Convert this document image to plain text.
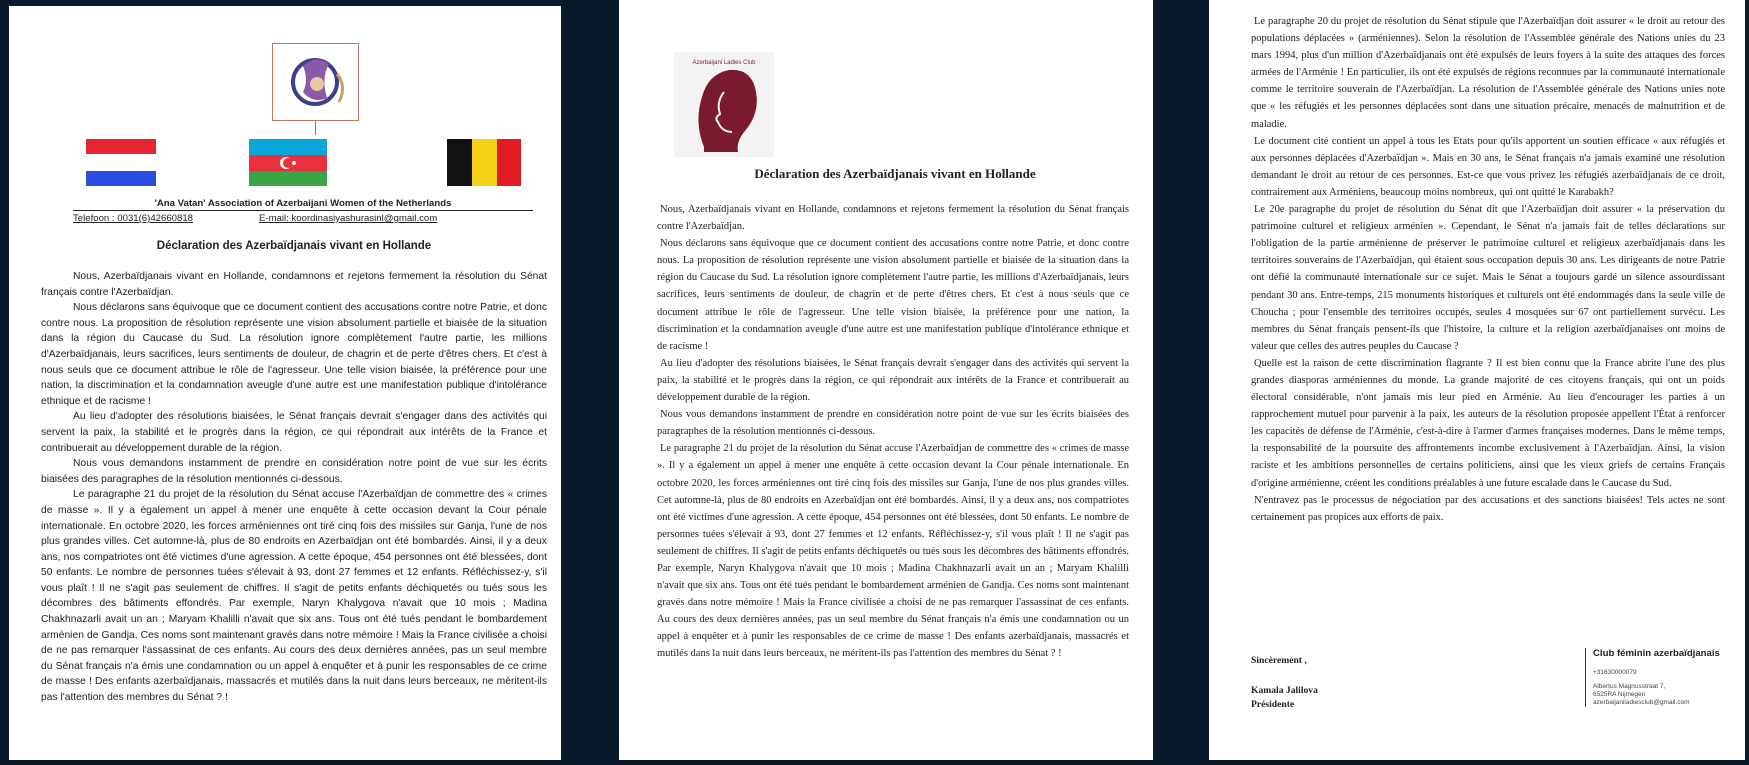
'Ana Vatan' Association of Azerbaijani Women of the Netherlands
Telefoon : 0031(6)42660818	E-mail: koordinasiyashurasinl@gmail.com
Déclaration des Azerbaïdjanais vivant en Hollande

Nous, Azerbaïdjanais vivant en Hollande, condamnons et rejetons fermement la résolution du Sénat français contre l'Azerbaïdjan.

Nous déclarons sans équivoque que ce document contient des accusations contre notre Patrie, et donc contre nous. La proposition de résolution représente une vision absolument partielle et biaisée de la situation dans la région du Caucase du Sud. La résolution ignore complètement l'autre partie, les millions d'Azerbaïdjanais, leurs sacrifices, leurs sentiments de douleur, de chagrin et de perte d'êtres chers. Et c'est à nous seuls que ce document attribue le rôle de l'agresseur. Une telle vision biaisée, la préférence pour une nation, la discrimination et la condamnation aveugle d'une autre est une manifestation publique d'intolérance ethnique et de racisme !

Au lieu d'adopter des résolutions biaisées, le Sénat français devrait s'engager dans des activités qui servent la paix, la stabilité et le progrès dans la région, ce qui répondrait aux intérêts de la France et contribuerait au développement durable de la région.

Nous vous demandons instamment de prendre en considération notre point de vue sur les écrits biaisées des paragraphes de la résolution mentionnés ci-dessous.

Le paragraphe 21 du projet de la résolution du Sénat accuse l'Azerbaïdjan de commettre des « crimes de masse ». Il y a également un appel à mener une enquête à cette occasion devant la Cour pénale internationale. En octobre 2020, les forces arméniennes ont tiré cinq fois des missiles sur Ganja, l'une de nos plus grandes villes. Cet automne-là, plus de 80 endroits en Azerbaïdjan ont été bombardés. Ainsi, il y a deux ans, nos compatriotes ont été victimes d'une agression. A cette époque, 454 personnes ont été blessées, dont 50 enfants. Le nombre de personnes tuées s'élevait à 93, dont 27 femmes et 12 enfants. Réfléchissez-y, s'il vous plaît ! Il ne s'agit pas seulement de chiffres. Il s'agit de petits enfants déchiquetés ou tués sous les décombres des bâtiments effondrés. Par exemple, Naryn Khalygova n'avait que 10 mois ; Madina Chakhnazarli avait un an ; Maryam Khalilli n'avait que six ans. Tous ont été tués pendant le bombardement arménien de Gandja. Ces noms sont maintenant gravés dans notre mémoire ! Mais la France civilisée a choisi de ne pas remarquer l'assassinat de ces enfants. Au cours des deux dernières années, pas un seul membre du Sénat français n'a émis une condamnation ou un appel à enquêter et à punir les responsables de ce crime de masse ! Des enfants azerbaïdjanais, massacrés et mutilés dans la nuit dans leurs berceaux, ne méritent-ils pas l'attention des membres du Sénat ? !

Azerbaijani Ladies Club
Déclaration des Azerbaïdjanais vivant en Hollande

Nous, Azerbaïdjanais vivant en Hollande, condamnons et rejetons fermement la résolution du Sénat français contre l'Azerbaïdjan.

Nous déclarons sans équivoque que ce document contient des accusations contre notre Patrie, et donc contre nous. La proposition de résolution représente une vision absolument partielle et biaisée de la situation dans la région du Caucase du Sud. La résolution ignore complètement l'autre partie, les millions d'Azerbaïdjanais, leurs sacrifices, leurs sentiments de douleur, de chagrin et de perte d'êtres chers. Et c'est à nous seuls que ce document attribue le rôle de l'agresseur. Une telle vision biaisée, la préférence pour une nation, la discrimination et la condamnation aveugle d'une autre est une manifestation publique d'intolérance ethnique et de racisme !

Au lieu d'adopter des résolutions biaisées, le Sénat français devrait s'engager dans des activités qui servent la paix, la stabilité et le progrès dans la région, ce qui répondrait aux intérêts de la France et contribuerait au développement durable de la région.

Nous vous demandons instamment de prendre en considération notre point de vue sur les écrits biaisées des paragraphes de la résolution mentionnés ci-dessous.

Le paragraphe 21 du projet de la résolution du Sénat accuse l'Azerbaïdjan de commettre des « crimes de masse ». Il y a également un appel à mener une enquête à cette occasion devant la Cour pénale internationale. En octobre 2020, les forces arméniennes ont tiré cinq fois des missiles sur Ganja, l'une de nos plus grandes villes. Cet automne-là, plus de 80 endroits en Azerbaïdjan ont été bombardés. Ainsi, il y a deux ans, nos compatriotes ont été victimes d'une agression. A cette époque, 454 personnes ont été blessées, dont 50 enfants. Le nombre de personnes tuées s'élevait à 93, dont 27 femmes et 12 enfants. Réfléchissez-y, s'il vous plaît ! Il ne s'agit pas seulement de chiffres. Il s'agit de petits enfants déchiquetés ou tués sous les décombres des bâtiments effondrés. Par exemple, Naryn Khalygova n'avait que 10 mois ; Madina Chakhnazarli avait un an ; Maryam Khalilli n'avait que six ans. Tous ont été tués pendant le bombardement arménien de Gandja. Ces noms sont maintenant gravés dans notre mémoire ! Mais la France civilisée a choisi de ne pas remarquer l'assassinat de ces enfants. Au cours des deux dernières années, pas un seul membre du Sénat français n'a émis une condamnation ou un appel à enquêter et à punir les responsables de ce crime de masse ! Des enfants azerbaïdjanais, massacrés et mutilés dans la nuit dans leurs berceaux, ne méritent-ils pas l'attention des membres du Sénat ? !

Le paragraphe 20 du projet de résolution du Sénat stipule que l'Azerbaïdjan doit assurer « le droit au retour des populations déplacées » (arméniennes). Selon la résolution de l'Assemblée générale des Nations unies du 23 mars 1994, plus d'un million d'Azerbaïdjanais ont été expulsés de leurs foyers à la suite des attaques des forces armées de l'Arménie ! En particulier, ils ont été expulsés de régions reconnues par la communauté internationale comme le territoire souverain de l'Azerbaïdjan. La résolution de l'Assemblée générale des Nations unies note que « les réfugiés et les personnes déplacées sont dans une situation précaire, menacés de malnutrition et de maladie.

Le document cité contient un appel à tous les Etats pour qu'ils apportent un soutien efficace « aux réfugiés et aux personnes déplacées d'Azerbaïdjan ». Mais en 30 ans, le Sénat français n'a jamais examiné une résolution demandant le droit au retour de ces personnes. Est-ce que vous privez les réfugiés azerbaïdjanais de ce droit, contrairement aux Arméniens, beaucoup moins nombreux, qui ont quitté le Karabakh?

Le 20e paragraphe du projet de résolution du Sénat dit que l'Azerbaïdjan doit assurer « la préservation du patrimoine culturel et religieux arménien ». Cependant, le Sénat n'a jamais fait de telles déclarations sur l'obligation de la partie arménienne de préserver le patrimoine culturel et religieux azerbaïdjanais dans les territoires souverains de l'Azerbaïdjan, qui étaient sous occupation depuis 30 ans. Les dirigeants de notre Patrie ont défié la communauté internationale sur ce sujet. Mais le Sénat a toujours gardé un silence assourdissant pendant 30 ans. Entre-temps, 215 monuments historiques et culturels ont été endommagés dans la seule ville de Choucha ; pour l'ensemble des territoires occupés, seules 4 mosquées sur 67 ont partiellement survécu. Les membres du Sénat français pensent-ils que l'histoire, la culture et la religion azerbaïdjanaises ont moins de valeur que celles des autres peuples du Caucase ?

Quelle est la raison de cette discrimination flagrante ? Il est bien connu que la France abrite l'une des plus grandes diasporas arméniennes du monde. La grande majorité de ces citoyens français, qui ont un poids électoral considérable, n'ont jamais mis leur pied en Arménie. Au lieu d'encourager les parties à un rapprochement mutuel pour parvenir à la paix, les auteurs de la résolution proposée appellent l'État à renforcer les capacités de défense de l'Arménie, c'est-à-dire à l'armer d'armes françaises modernes. Dans le même temps, la responsabilité de la poursuite des affrontements incombe exclusivement à l'Azerbaïdjan. Ainsi, la vision raciste et les ambitions personnelles de certains politiciens, ainsi que les vieux griefs de certains Français d'origine arménienne, créent les conditions préalables à une future escalade dans le Caucase du Sud.

N'entravez pas le processus de négociation par des accusations et des sanctions biaisées! Tels actes ne sont certainement pas propices aux efforts de paix.

Sincèrement ,
Kamala Jalilova
Présidente
Club féminin azerbaïdjanais
+31630000079
Albertus Magnusstraat 7,
6525RA Nijmegen
azerbaijaniladiesclub@gmail.com
